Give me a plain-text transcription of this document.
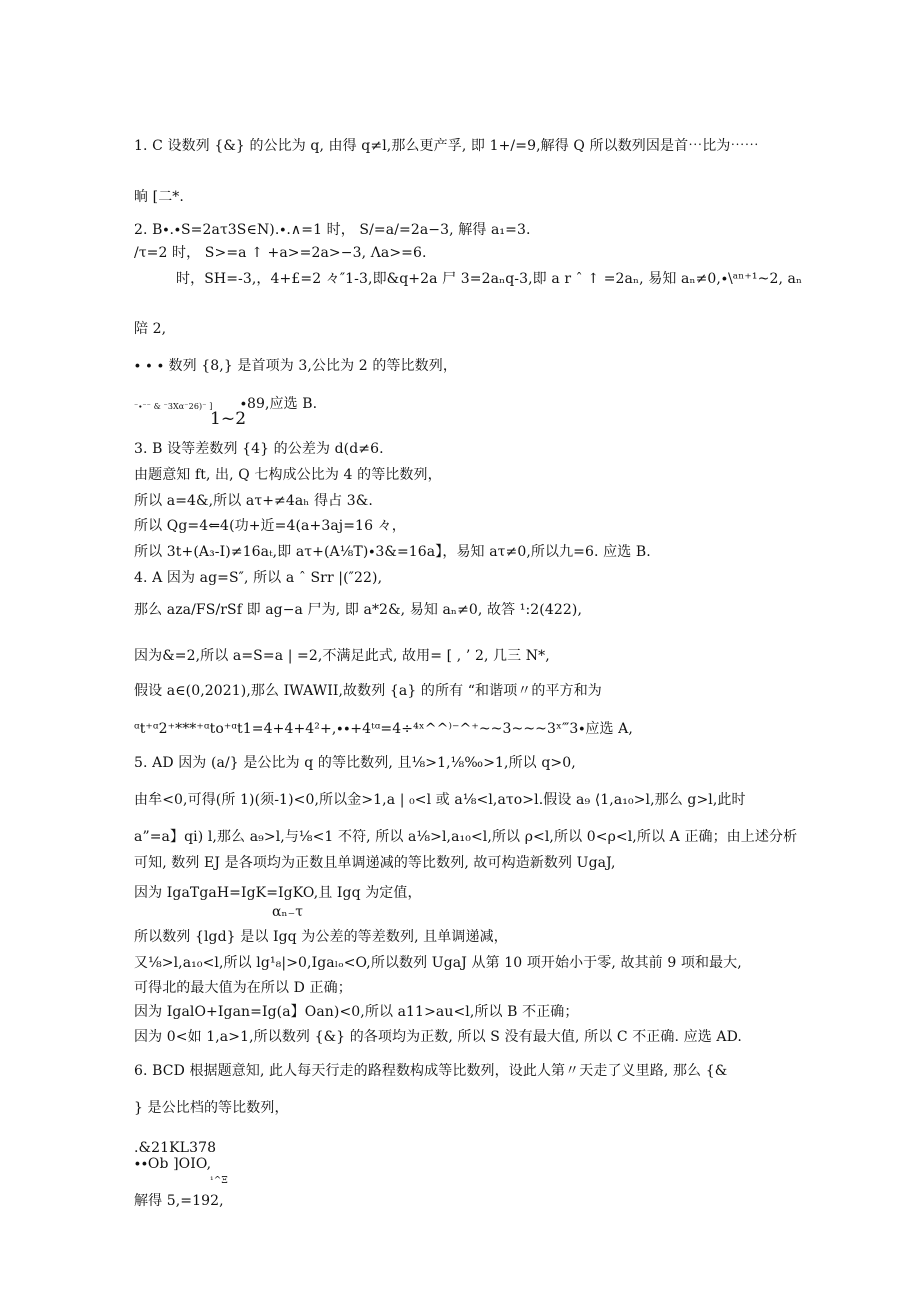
1. C 设数列 {&} 的公比为 q, 由得 q≠l,那么更产孚, 即 1+/=9,解得 Q 所以数列因是首⋯比为⋯⋯
晌 [二*.
2. B∙.∙S=2aτ3S∈N).∙.∧=1 时， S/=a/=2a−3, 解得 a₁=3.
/τ=2 时， S>=a ↑ +a>=2a>−3, Λa>=6.
时，SH=-3,，4+£=2 々″1-3,即&q+2a 尸 3=2aₙq-3,即 a r ˆ ↑ =2aₙ, 易知 aₙ≠0,∙\ᵃⁿ⁺¹~2, aₙ
陪 2,
∙ ∙ ∙ 数列 {8,} 是首项为 3,公比为 2 的等比数列，
∙89,应选 B.
⁻∙⁻⁻ & ⁻3Xα⁻26)⁻ ]
1~2
3. B 设等差数列 {4} 的公差为 d(d≠6.
由题意知 ft, 出, Q 七构成公比为 4 的等比数列，
所以 a=4&,所以 aτ+≠4aₕ 得占 3&.
所以 Qg=4⇐4(功+近=4(a+3aj=16 々，
所以 3t+(A₃-I)≠16aₜ,即 aτ+(A⅛T)∙3&=16a】，易知 aτ≠0,所以九=6. 应选 B.
4. A 因为 ag=S″, 所以 a ˆ Srr |(″22),
那么 aza/FS/rSf 即 ag−a 尸为, 即 a*2&, 易知 aₙ≠0, 故答 ¹:2(422),
因为&=2,所以 a=S=a | =2,不满足此式, 故用= [ , ’ 2, 几三 N*,
假设 a∈(0,2021),那么 IWAWII,故数列 {a} 的所有 “和谐项〃的平方和为
ᵅt⁺ᵅ2⁺***⁺ᵅto⁺ᵅt1=4+4+4²+,∙∙+4ᵗᵅ=4÷⁴ˣ^^⁾⁻^⁺~~3~~~3ˣ‴3∙应选 A,
5. AD 因为 (a/} 是公比为 q 的等比数列, 且⅛>1,⅛‰>1,所以 q>0,
由牟<0,可得(所 1)(须-1)<0,所以金>1,a | ₀<l 或 a⅛<l,aτo>l.假设 a₉ ⟨1,a₁₀>l,那么 g>l,此时
a”=a】qi) l,那么 a₉>l,与⅛<1 不符, 所以 a⅛>l,a₁₀<l,所以 ρ<l,所以 0<ρ<l,所以 A 正确；由上述分析
可知, 数列 EJ 是各项均为正数且单调递减的等比数列, 故可构造新数列 UgaJ,
因为 IgaTgaH=IgK=IgKO,且 Igq 为定值，
αₙ₋τ
所以数列 {lgd} 是以 Igq 为公差的等差数列, 且单调递减，
又⅛>l,a₁₀<l,所以 lg¹₈|>0,Igaₗₒ<O,所以数列 UgaJ 从第 10 项开始小于零, 故其前 9 项和最大,
可得北的最大值为在所以 D 正确；
因为 IgalO+Igan=Ig(a】Oan)<0,所以 a11>au<l,所以 B 不正确；
因为 0<如 1,a>1,所以数列 {&} 的各项均为正数, 所以 S 没有最大值, 所以 C 不正确. 应选 AD.
6. BCD 根据题意知, 此人每天行走的路程数构成等比数列，设此人第〃天走了义里路, 那么 {&
} 是公比档的等比数列，
.&21KL378
∙∙Ob ]OIO,
¹^Ξ
解得 5,=192,
